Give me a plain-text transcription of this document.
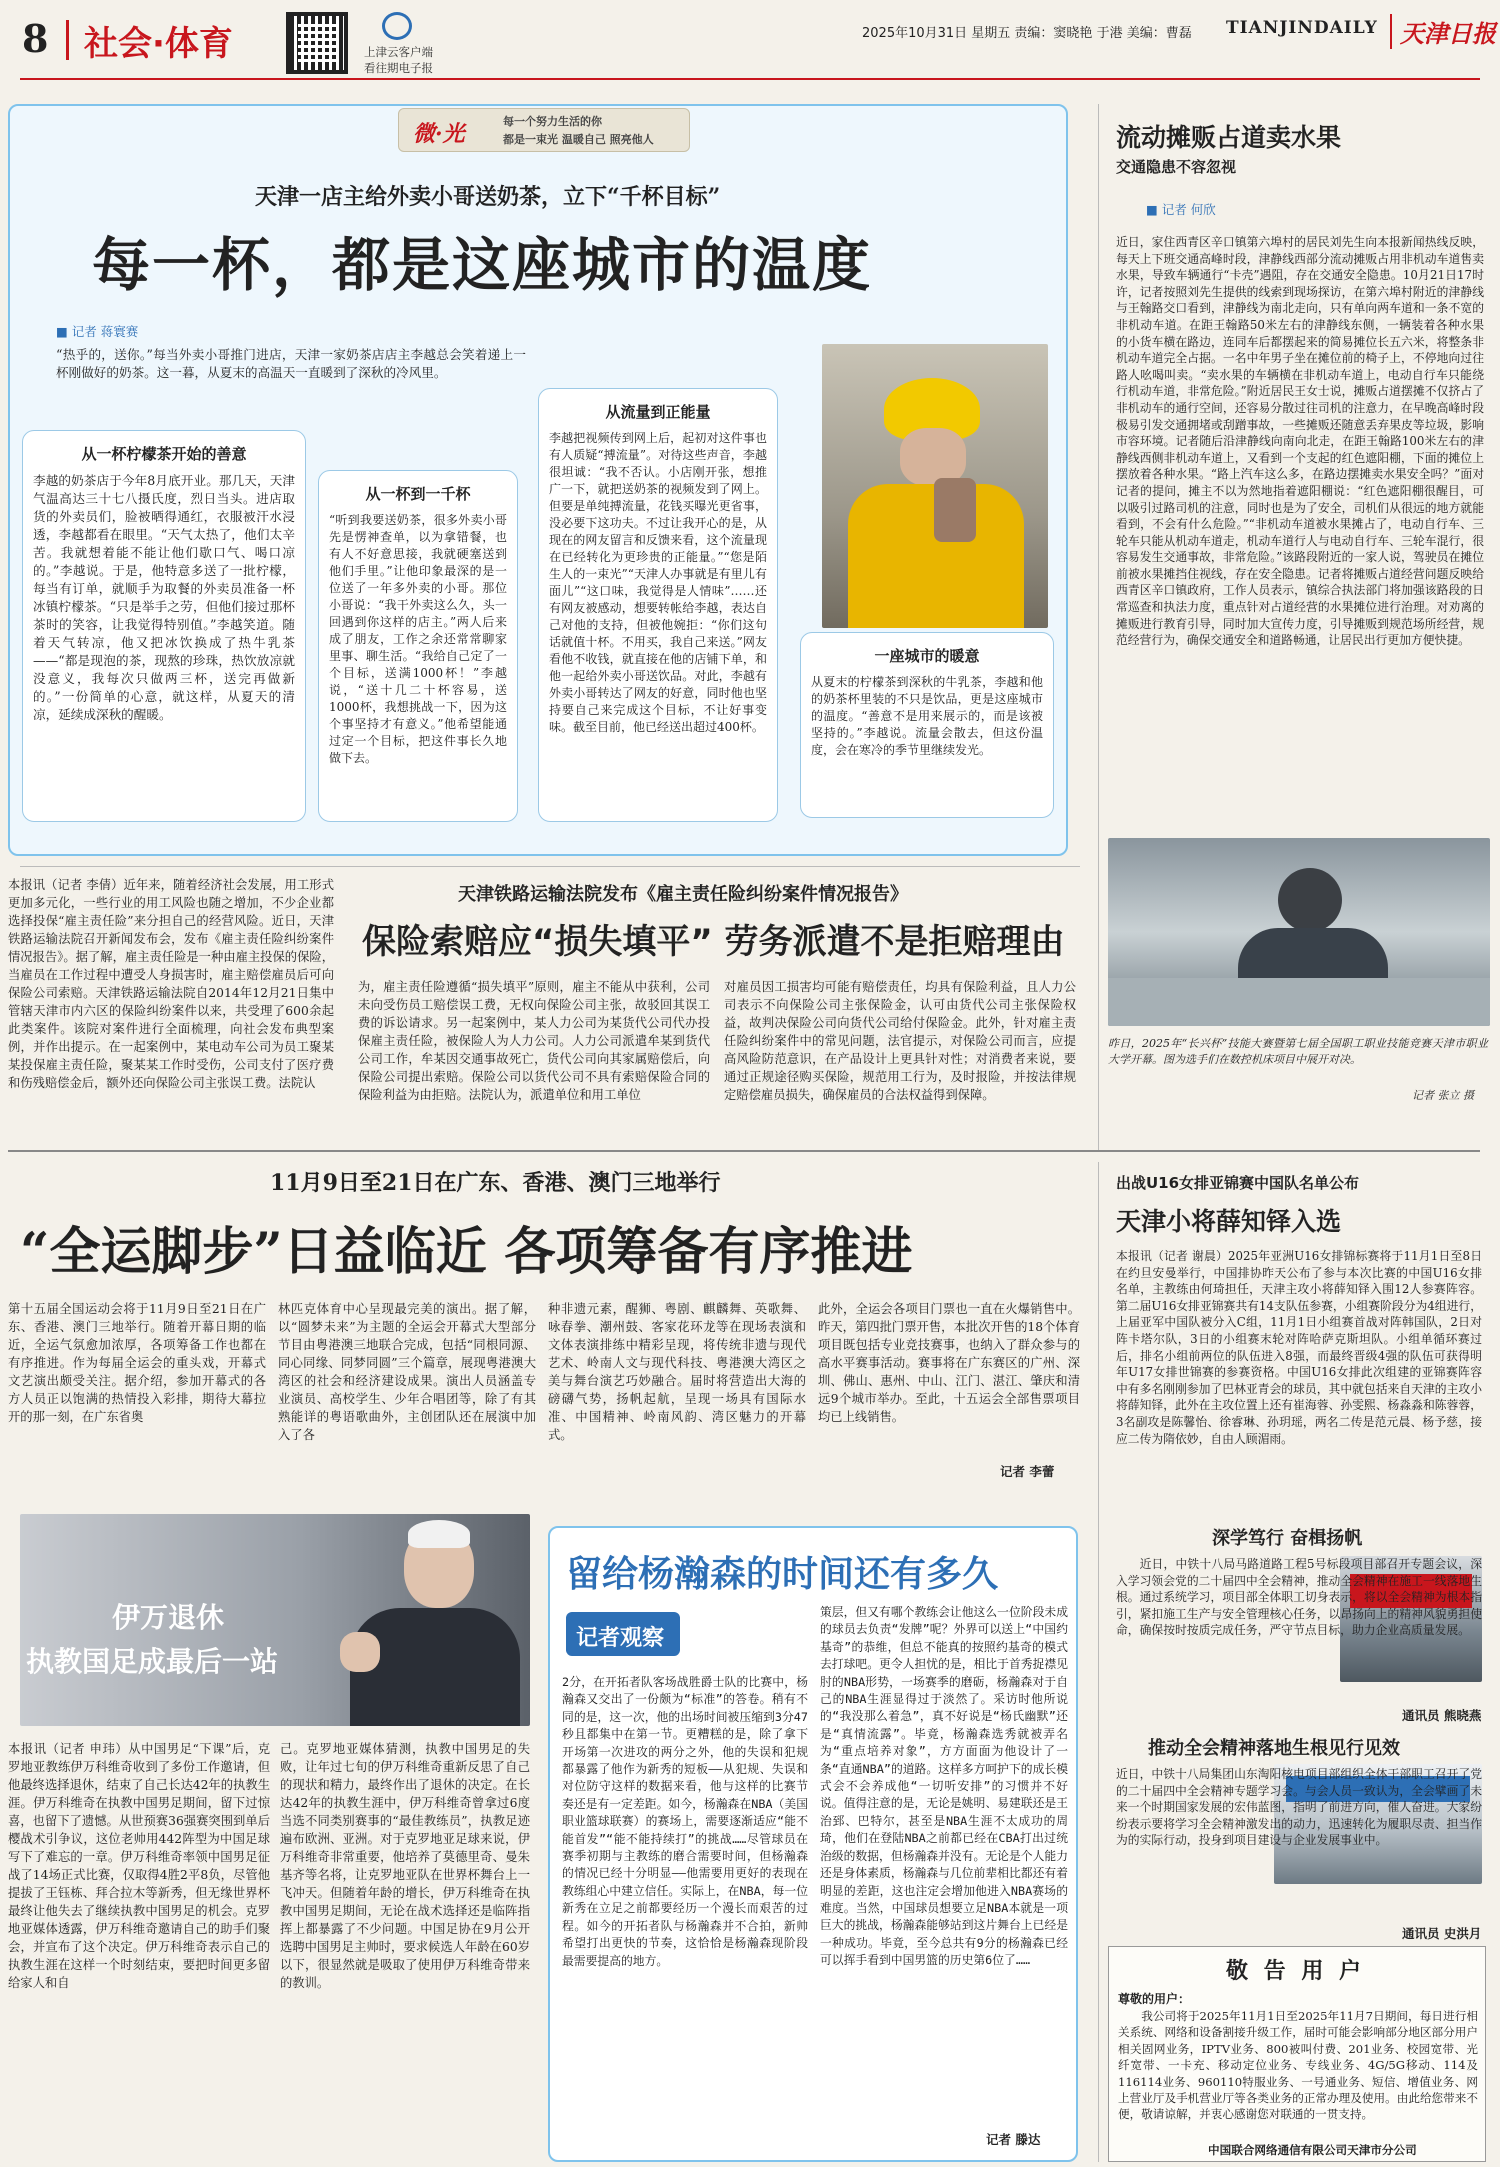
8 社会·体育	上津云客户端
看往期电子报
2025年10月31日 星期五 责编：窦晓艳 于港 美编：曹磊 TIANJINDAILY 天津日报
微·光	每一个努力生活的你
都是一束光 温暖自己 照亮他人
天津一店主给外卖小哥送奶茶，立下“千杯目标”
每一杯，都是这座城市的温度
■ 记者 蒋寰赛

“热乎的，送你。”每当外卖小哥推门进店，天津一家奶茶店店主李越总会笑着递上一杯刚做好的奶茶。这一暮，从夏末的高温天一直暖到了深秋的冷风里。

从一杯柠檬茶开始的善意

李越的奶茶店于今年8月底开业。那几天，天津气温高达三十七八摄氏度，烈日当头。进店取货的外卖员们，脸被晒得通红，衣服被汗水浸透，李越都看在眼里。“天气太热了，他们太辛苦。我就想着能不能让他们歇口气、喝口凉的。”李越说。于是，他特意多送了一批柠檬，每当有订单，就顺手为取餐的外卖员准备一杯冰镇柠檬茶。“只是举手之劳，但他们接过那杯茶时的笑容，让我觉得特别值。”李越笑道。随着天气转凉，他又把冰饮换成了热牛乳茶——“都是现泡的茶，现熬的珍珠，热饮放凉就没意义，我每次只做两三杯，送完再做新的。”一份简单的心意，就这样，从夏天的清凉，延续成深秋的醒暖。

从一杯到一千杯

“听到我要送奶茶，很多外卖小哥先是愣神查单，以为拿错餐，也有人不好意思接，我就硬塞送到他们手里。”让他印象最深的是一位送了一年多外卖的小哥。那位小哥说：“我干外卖这么久，头一回遇到你这样的店主。”两人后来成了朋友，工作之余还常常聊家里事、聊生活。“我给自己定了一个目标，送满1000杯！”李越说，“送十几二十杯容易，送1000杯，我想挑战一下，因为这个事坚持才有意义。”他希望能通过定一个目标，把这件事长久地做下去。

从流量到正能量

李越把视频传到网上后，起初对这件事也有人质疑“搏流量”。对待这些声音，李越很坦诚：“我不否认。小店刚开张，想推广一下，就把送奶茶的视频发到了网上。但要是单纯搏流量，花钱买曝光更省事，没必要下这功夫。不过让我开心的是，从现在的网友留言和反馈来看，这个流量现在已经转化为更珍贵的正能量。”“您是陌生人的一束光”“天津人办事就是有里儿有面儿”“这口味，我觉得是人情味”……还有网友被感动，想要转帐给李越，表达自己对他的支持，但被他婉拒：“你们这句话就值十杯。不用买，我自己来送。”网友看他不收钱，就直接在他的店铺下单，和他一起给外卖小哥送饮品。对此，李越有外卖小哥转达了网友的好意，同时他也坚持要自己来完成这个目标，不让好事变味。截至目前，他已经送出超过400杯。

一座城市的暖意

从夏末的柠檬茶到深秋的牛乳茶，李越和他的奶茶杯里装的不只是饮品，更是这座城市的温度。“善意不是用来展示的，而是该被坚持的。”李越说。流量会散去，但这份温度，会在寒冷的季节里继续发光。

流动摊贩占道卖水果
交通隐患不容忽视
■ 记者 何欣

近日，家住西青区辛口镇第六埠村的居民刘先生向本报新闻热线反映，每天上下班交通高峰时段，津静线西部分流动摊贩占用非机动车道售卖水果，导致车辆通行“卡壳”遇阻，存在交通安全隐患。10月21日17时许，记者按照刘先生提供的线索到现场探访，在第六埠村附近的津静线与王翰路交口看到，津静线为南北走向，只有单向两车道和一条不宽的非机动车道。在距王翰路50米左右的津静线东侧，一辆装着各种水果的小货车横在路边，连同车后都摆起来的简易摊位长五六米，将整条非机动车道完全占据。一名中年男子坐在摊位前的椅子上，不停地向过往路人吆喝叫卖。“卖水果的车辆横在非机动车道上，电动自行车只能绕行机动车道，非常危险。”附近居民王女士说，摊贩占道摆摊不仅挤占了非机动车的通行空间，还容易分散过往司机的注意力，在早晚高峰时段极易引发交通拥堵或刮蹭事故，一些摊贩还随意丢弃果皮等垃圾，影响市容环境。记者随后沿津静线向南向北走，在距王翰路100米左右的津静线西侧非机动车道上，又看到一个支起的红色遮阳棚，下面的摊位上摆放着各种水果。“路上汽车这么多，在路边摆摊卖水果安全吗？”面对记者的提问，摊主不以为然地指着遮阳棚说：“红色遮阳棚很醒目，可以吸引过路司机的注意，同时也是为了安全，司机们从很远的地方就能看到，不会有什么危险。”“非机动车道被水果摊占了，电动自行车、三轮车只能从机动车道走，机动车道行人与电动自行车、三轮车混行，很容易发生交通事故，非常危险。”该路段附近的一家人说，驾驶员在摊位前被水果摊挡住视线，存在安全隐患。记者将摊贩占道经营问题反映给西青区辛口镇政府，工作人员表示，镇综合执法部门将加强该路段的日常巡查和执法力度，重点针对占道经营的水果摊位进行治理。对劝离的摊贩进行教育引导，同时加大宣传力度，引导摊贩到规范场所经营，规范经营行为，确保交通安全和道路畅通，让居民出行更加方便快捷。

昨日，2025年“长兴杯”技能大赛暨第七届全国职工职业技能竞赛天津市职业大学开幕。图为选手们在数控机床项目中展开对决。

记者 张立 摄

本报讯（记者 李倩）近年来，随着经济社会发展，用工形式更加多元化，一些行业的用工风险也随之增加，不少企业都选择投保“雇主责任险”来分担自己的经营风险。近日，天津铁路运输法院召开新闻发布会，发布《雇主责任险纠纷案件情况报告》。据了解，雇主责任险是一种由雇主投保的保险，当雇员在工作过程中遭受人身损害时，雇主赔偿雇员后可向保险公司索赔。天津铁路运输法院自2014年12月21日集中管辖天津市内六区的保险纠纷案件以来，共受理了600余起此类案件。该院对案件进行全面梳理，向社会发布典型案例，并作出提示。在一起案例中，某电动车公司为员工聚某某投保雇主责任险，聚某某工作时受伤，公司支付了医疗费和伤残赔偿金后，额外还向保险公司主张误工费。法院认

天津铁路运输法院发布《雇主责任险纠纷案件情况报告》
保险索赔应“损失填平” 劳务派遣不是拒赔理由

为，雇主责任险遵循“损失填平”原则，雇主不能从中获利，公司未向受伤员工赔偿误工费，无权向保险公司主张，故驳回其误工费的诉讼请求。另一起案例中，某人力公司为某货代公司代办投保雇主责任险，被保险人为人力公司。人力公司派遣牟某到货代公司工作，牟某因交通事故死亡，货代公司向其家属赔偿后，向保险公司提出索赔。保险公司以货代公司不具有索赔保险合同的保险利益为由拒赔。法院认为，派遣单位和用工单位

对雇员因工损害均可能有赔偿责任，均具有保险利益，且人力公司表示不向保险公司主张保险金，认可由货代公司主张保险权益，故判决保险公司向货代公司给付保险金。此外，针对雇主责任险纠纷案件中的常见问题，法官提示，对保险公司而言，应提高风险防范意识，在产品设计上更具针对性；对消费者来说，要通过正规途径购买保险，规范用工行为，及时报险，并按法律规定赔偿雇员损失，确保雇员的合法权益得到保障。

11月9日至21日在广东、香港、澳门三地举行
“全运脚步”日益临近 各项筹备有序推进

第十五届全国运动会将于11月9日至21日在广东、香港、澳门三地举行。随着开幕日期的临近，全运气氛愈加浓厚，各项筹备工作也都在有序推进。作为每届全运会的重头戏，开幕式文艺演出颇受关注。据介绍，参加开幕式的各方人员正以饱满的热情投入彩排，期待大幕拉开的那一刻，在广东省奥

林匹克体育中心呈现最完美的演出。据了解，以“圆梦未来”为主题的全运会开幕式大型部分节目由粤港澳三地联合完成，包括“同根同源、同心同缘、同梦同圆”三个篇章，展现粤港澳大湾区的社会和经济建设成果。演出人员涵盖专业演员、高校学生、少年合唱团等，除了有其熟能详的粤语歌曲外，主创团队还在展演中加入了各

种非遗元素，醒狮、粤剧、麒麟舞、英歌舞、咏春拳、潮州鼓、客家花环龙等在现场表演和文体表演排练中精彩呈现，将传统非遗与现代艺术、岭南人文与现代科技、粤港澳大湾区之美与舞台演艺巧妙融合。届时将营造出大海的磅礴气势，扬帆起航，呈现一场具有国际水准、中国精神、岭南风韵、湾区魅力的开幕式。

此外，全运会各项目门票也一直在火爆销售中。昨天，第四批门票开售，本批次开售的18个体育项目既包括专业竞技赛事，也纳入了群众参与的高水平赛事活动。赛事将在广东赛区的广州、深圳、佛山、惠州、中山、江门、湛江、肇庆和清远9个城市举办。至此，十五运会全部售票项目均已上线销售。

记者 李蕾
伊万退休
执教国足成最后一站

本报讯（记者 申玮）从中国男足“下课”后，克罗地亚教练伊万科维奇收到了多份工作邀请，但他最终选择退休，结束了自己长达42年的执教生涯。伊万科维奇在执教中国男足期间，留下过惊喜，也留下了遗憾。从世预赛36强赛突围到单后樱战术引争议，这位老帅用442阵型为中国足球写下了难忘的一章。伊万科维奇率领中国男足征战了14场正式比赛，仅取得4胜2平8负，尽管他提拔了王钰栋、拜合拉木等新秀，但无缘世界杯最终让他失去了继续执教中国男足的机会。克罗地亚媒体透露，伊万科维奇邀请自己的助手们聚会，并宣布了这个决定。伊万科维奇表示自己的执教生涯在这样一个时刻结束，要把时间更多留给家人和自

己。克罗地亚媒体猜测，执教中国男足的失败，让年过七旬的伊万科维奇重新反思了自己的现状和精力，最终作出了退休的决定。在长达42年的执教生涯中，伊万科维奇曾拿过6度当选不同类别赛事的“最佳教练员”，执教足迹遍布欧洲、亚洲。对于克罗地亚足球来说，伊万科维奇非常重要，他培养了莫德里奇、曼朱基齐等名将，让克罗地亚队在世界杯舞台上一飞冲天。但随着年龄的增长，伊万科维奇在执教中国男足期间，无论在战术选择还是临阵指挥上都暴露了不少问题。中国足协在9月公开选聘中国男足主帅时，要求候选人年龄在60岁以下，很显然就是吸取了使用伊万科维奇带来的教训。

留给杨瀚森的时间还有多久
记者观察

2分，在开拓者队客场战胜爵士队的比赛中，杨瀚森又交出了一份颇为“标准”的答卷。稍有不同的是，这一次，他的出场时间被压缩到3分47秒且都集中在第一节。更糟糕的是，除了拿下开场第一次进攻的两分之外，他的失误和犯规都暴露了他作为新秀的短板——从犯规、失误和对位防守这样的数据来看，他与这样的比赛节奏还是有一定差距。如今，杨瀚森在NBA（美国职业篮球联赛）的赛场上，需要逐渐适应“能不能首发”“能不能持续打”的挑战……尽管球员在赛季初期与主教练的磨合需要时间，但杨瀚森的情况已经十分明显——他需要用更好的表现在教练组心中建立信任。实际上，在NBA，每一位新秀在立足之前都要经历一个漫长而艰苦的过程。如今的开拓者队与杨瀚森并不合拍，新帅希望打出更快的节奏，这恰恰是杨瀚森现阶段最需要提高的地方。

策层，但又有哪个教练会让他这么一位阶段未成的球员去负责“发牌”呢？外界可以送上“中国约基奇”的恭维，但总不能真的按照约基奇的模式去打球吧。更令人担忧的是，相比于首秀捉襟见肘的NBA形势，一场赛季的磨砺，杨瀚森对于自己的NBA生涯显得过于淡然了。采访时他所说的“我没那么着急”，真不好说是“杨氏幽默”还是“真情流露”。毕竟，杨瀚森选秀就被弄名为“重点培养对象”，方方面面为他设计了一条“直通NBA”的道路。这样多方呵护下的成长模式会不会养成他“一切听安排”的习惯并不好说。值得注意的是，无论是姚明、易建联还是王治郅、巴特尔，甚至是NBA生涯不太成功的周琦，他们在登陆NBA之前都已经在CBA打出过统治级的数据，但杨瀚森并没有。无论是个人能力还是身体素质，杨瀚森与几位前辈相比都还有着明显的差距，这也注定会增加他进入NBA赛场的难度。当然，中国球员想要立足NBA本就是一项巨大的挑战，杨瀚森能够站到这片舞台上已经是一种成功。毕竟，至今总共有9分的杨瀚森已经可以挥手看到中国男篮的历史第6位了……

记者 滕达
出战U16女排亚锦赛中国队名单公布
天津小将薛知铎入选

本报讯（记者 谢晨）2025年亚洲U16女排锦标赛将于11月1日至8日在约旦安曼举行，中国排协昨天公布了参与本次比赛的中国U16女排名单，主教练由何琦担任，天津主攻小将薛知铎入围12人参赛阵容。第二届U16女排亚锦赛共有14支队伍参赛，小组赛阶段分为4组进行，上届亚军中国队被分入C组，11月1日小组赛首战对阵韩国队，2日对阵卡塔尔队，3日的小组赛末轮对阵哈萨克斯坦队。小组单循环赛过后，排名小组前两位的队伍进入8强，而最终晋级4强的队伍可获得明年U17女排世锦赛的参赛资格。中国U16女排此次组建的亚锦赛阵容中有多名刚刚参加了巴林亚青会的球员，其中就包括来自天津的主攻小将薛知铎，此外在主攻位置上还有崔海蓉、孙雯熙、杨淼淼和陈蓉蓉，3名副攻是陈馨怡、徐睿琳、孙玥瑶，两名二传是范元晨、杨予慈，接应二传为隋依妙，自由人顾湄雨。

深学笃行 奋楫扬帆

近日，中铁十八局马路道路工程5号标段项目部召开专题会议，深入学习领会党的二十届四中全会精神，推动全会精神在施工一线落地生根。通过系统学习，项目部全体职工切身表示，将以全会精神为根本指引，紧扣施工生产与安全管理核心任务，以昂扬向上的精神风貌勇担使命，确保按时按质完成任务，严守节点目标，助力企业高质量发展。

通讯员 熊晓燕
推动全会精神落地生根见行见效

近日，中铁十八局集团山东淘阳核电项目部组织全体干部职工召开了党的二十届四中全会精神专题学习会。与会人员一致认为，全会擘画了未来一个时期国家发展的宏伟蓝图，指明了前进方向，催人奋进。大家纷纷表示要将学习全会精神激发出的动力，迅速转化为履职尽责、担当作为的实际行动，投身到项目建设与企业发展事业中。

通讯员 史洪月
敬 告 用 户
尊敬的用户：

我公司将于2025年11月1日至2025年11月7日期间，每日进行相关系统、网络和设备割接升级工作，届时可能会影响部分地区部分用户相关固网业务，IPTV业务、800被叫付费、201业务、校园宽带、光纤宽带、一卡充、移动定位业务、专线业务、4G/5G移动、114及116114业务、960110特服业务、一号通业务、短信、增值业务、网上营业厅及手机营业厅等各类业务的正常办理及使用。由此给您带来不便，敬请谅解，并衷心感谢您对联通的一贯支持。

中国联合网络通信有限公司天津市分公司
